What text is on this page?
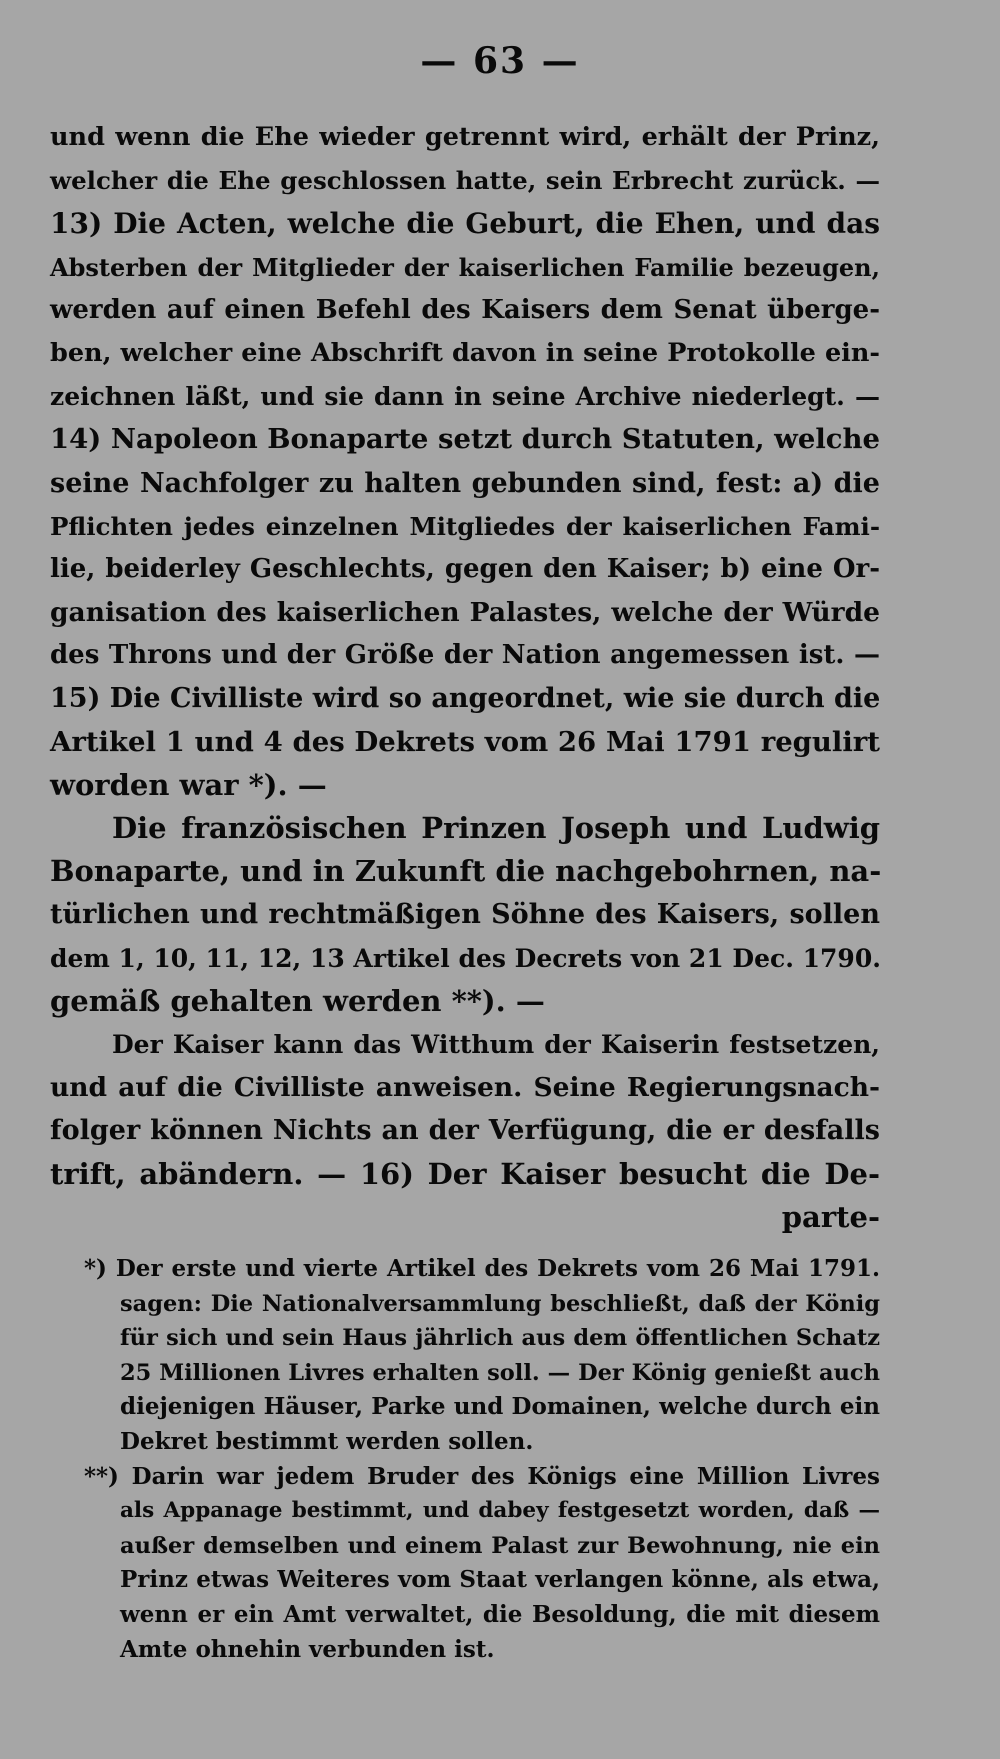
— 63 —
und wenn die Ehe wieder getrennt wird, erhält der Prinz,
welcher die Ehe geschlossen hatte, sein Erbrecht zurück. —
13) Die Acten, welche die Geburt, die Ehen, und das
Absterben der Mitglieder der kaiserlichen Familie bezeugen,
werden auf einen Befehl des Kaisers dem Senat überge-
ben, welcher eine Abschrift davon in seine Protokolle ein-
zeichnen läßt, und sie dann in seine Archive niederlegt. —
14) Napoleon Bonaparte setzt durch Statuten, welche
seine Nachfolger zu halten gebunden sind, fest: a) die
Pflichten jedes einzelnen Mitgliedes der kaiserlichen Fami-
lie, beiderley Geschlechts, gegen den Kaiser; b) eine Or-
ganisation des kaiserlichen Palastes, welche der Würde
des Throns und der Größe der Nation angemessen ist. —
15) Die Civilliste wird so angeordnet, wie sie durch die
Artikel 1 und 4 des Dekrets vom 26 Mai 1791 regulirt
worden war *). —
Die französischen Prinzen Joseph und Ludwig
Bonaparte, und in Zukunft die nachgebohrnen, na-
türlichen und rechtmäßigen Söhne des Kaisers, sollen
dem 1, 10, 11, 12, 13 Artikel des Decrets von 21 Dec. 1790.
gemäß gehalten werden **). —
Der Kaiser kann das Witthum der Kaiserin festsetzen,
und auf die Civilliste anweisen. Seine Regierungsnach-
folger können Nichts an der Verfügung, die er desfalls
trift, abändern. — 16) Der Kaiser besucht die De-
parte-
*) Der erste und vierte Artikel des Dekrets vom 26 Mai 1791.
sagen: Die Nationalversammlung beschließt, daß der König
für sich und sein Haus jährlich aus dem öffentlichen Schatz
25 Millionen Livres erhalten soll. — Der König genießt auch
diejenigen Häuser, Parke und Domainen, welche durch ein
Dekret bestimmt werden sollen.
**) Darin war jedem Bruder des Königs eine Million Livres
als Appanage bestimmt, und dabey festgesetzt worden, daß —
außer demselben und einem Palast zur Bewohnung, nie ein
Prinz etwas Weiteres vom Staat verlangen könne, als etwa,
wenn er ein Amt verwaltet, die Besoldung, die mit diesem
Amte ohnehin verbunden ist.
